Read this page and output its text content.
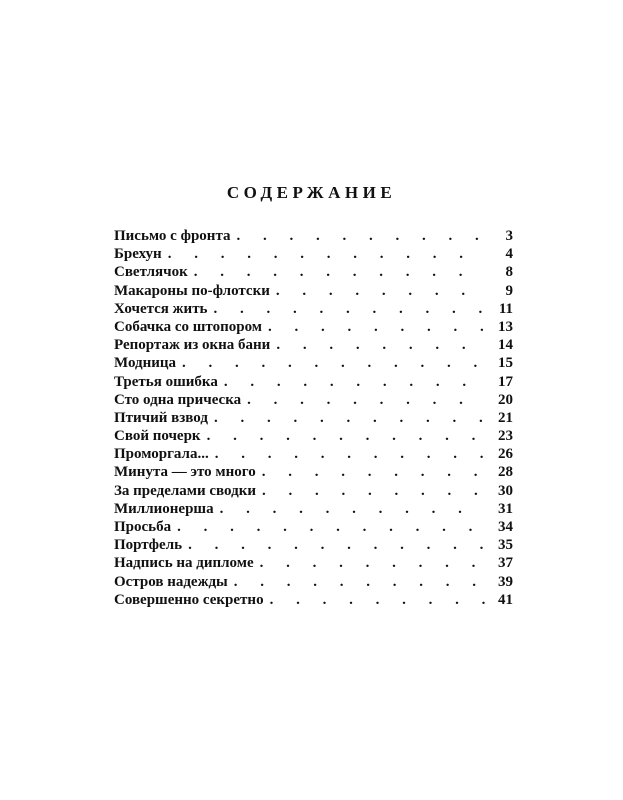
СОДЕРЖАНИЕ
Письмо с фронта . . .	3
Брехун . . .	4
Светлячок . . .	8
Макароны по-флотски . . .	9
Хочется жить . . .	11
Собачка со штопором . . .	13
Репортаж из окна бани . . .	14
Модница . . .	15
Третья ошибка . . .	17
Сто одна прическа . . .	20
Птичий взвод . . .	21
Свой почерк . . .	23
Проморгала... . . .	26
Минута — это много . . .	28
За пределами сводки . . .	30
Миллионерша . . .	31
Просьба . . .	34
Портфель . . .	35
Надпись на дипломе . . .	37
Остров надежды . . .	39
Совершенно секретно . . .	41
